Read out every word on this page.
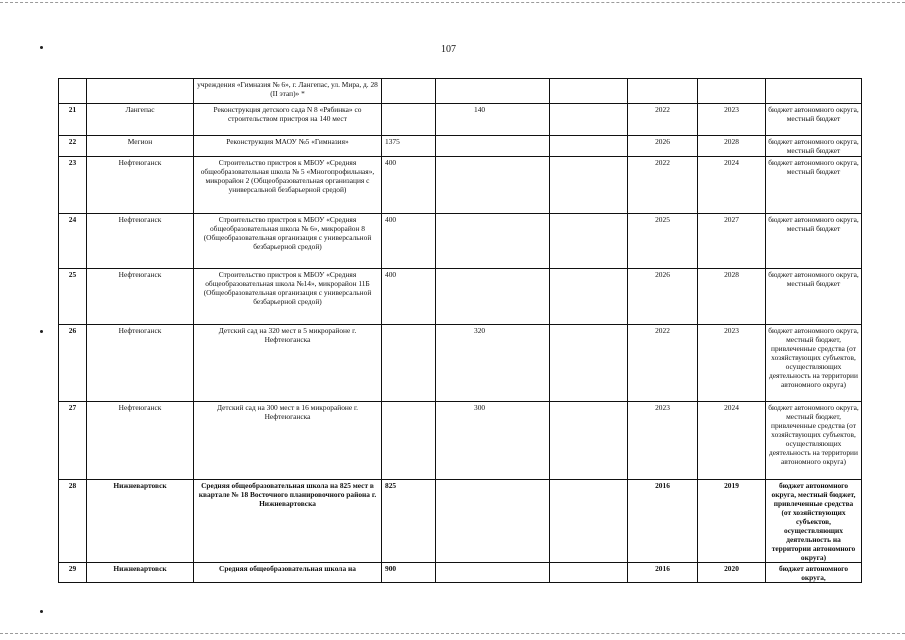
107
		учреждения «Гимназия № 6», г. Лангепас, ул. Мира, д. 28 (II этап)» *						
21	Лангепас	Реконструкция детского сада N 8 «Рябинка» со строительством пристроя на 140 мест		140		2022	2023	бюджет автономного округа, местный бюджет
22	Мегион	Реконструкция МАОУ №5 «Гимназия»	1375			2026	2028	бюджет автономного округа, местный бюджет
23	Нефтеюганск	Строительство пристроя к МБОУ «Средняя общеобразовательная школа № 5 «Многопрофильная», микрорайон 2 (Общеобразовательная организация с универсальной безбарьерной средой)	400			2022	2024	бюджет автономного округа, местный бюджет
24	Нефтеюганск	Строительство пристроя к МБОУ «Средняя общеобразовательная школа № 6», микрорайон 8 (Общеобразовательная организация с универсальной безбарьерной средой)	400			2025	2027	бюджет автономного округа, местный бюджет
25	Нефтеюганск	Строительство пристроя к МБОУ «Средняя общеобразовательная школа №14», микрорайон 11Б (Общеобразовательная организация с универсальной безбарьерной средой)	400			2026	2028	бюджет автономного округа, местный бюджет
26	Нефтеюганск	Детский сад на 320 мест в 5 микрорайоне г. Нефтеюганска		320		2022	2023	бюджет автономного округа, местный бюджет, привлеченные средства (от хозяйствующих субъектов, осуществляющих деятельность на территории автономного округа)
27	Нефтеюганск	Детский сад на 300 мест в 16 микрорайоне г. Нефтеюганска		300		2023	2024	бюджет автономного округа, местный бюджет, привлеченные средства (от хозяйствующих субъектов, осуществляющих деятельность на территории автономного округа)
28	Нижневартовск	Средняя общеобразовательная школа на 825 мест в квартале № 18 Восточного планировочного района г. Нижневартовска	825			2016	2019	бюджет автономного округа, местный бюджет, привлеченные средства (от хозяйствующих субъектов, осуществляющих деятельность на территории автономного округа)
29	Нижневартовск	Средняя общеобразовательная школа на	900			2016	2020	бюджет автономного округа,
